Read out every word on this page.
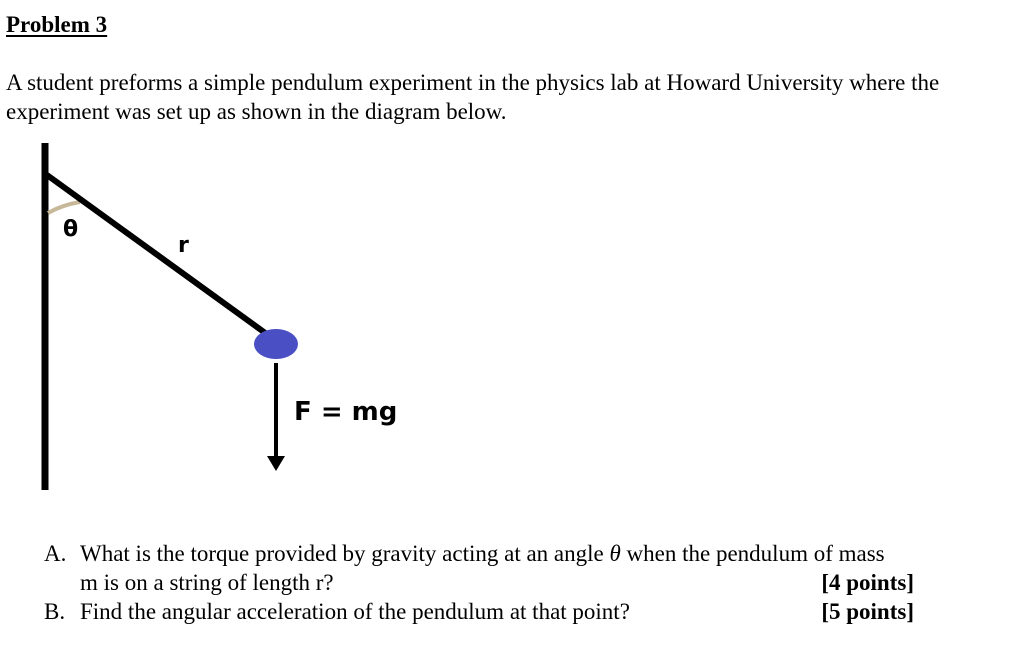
Problem 3

A student preforms a simple pendulum experiment in the physics lab at Howard University where the experiment was set up as shown in the diagram below.

θ
r
F = mg
A. What is the torque provided by gravity acting at an angle θ when the pendulum of mass
m is on a string of length r?	[4 points]
B. Find the angular acceleration of the pendulum at that point?	[5 points]
